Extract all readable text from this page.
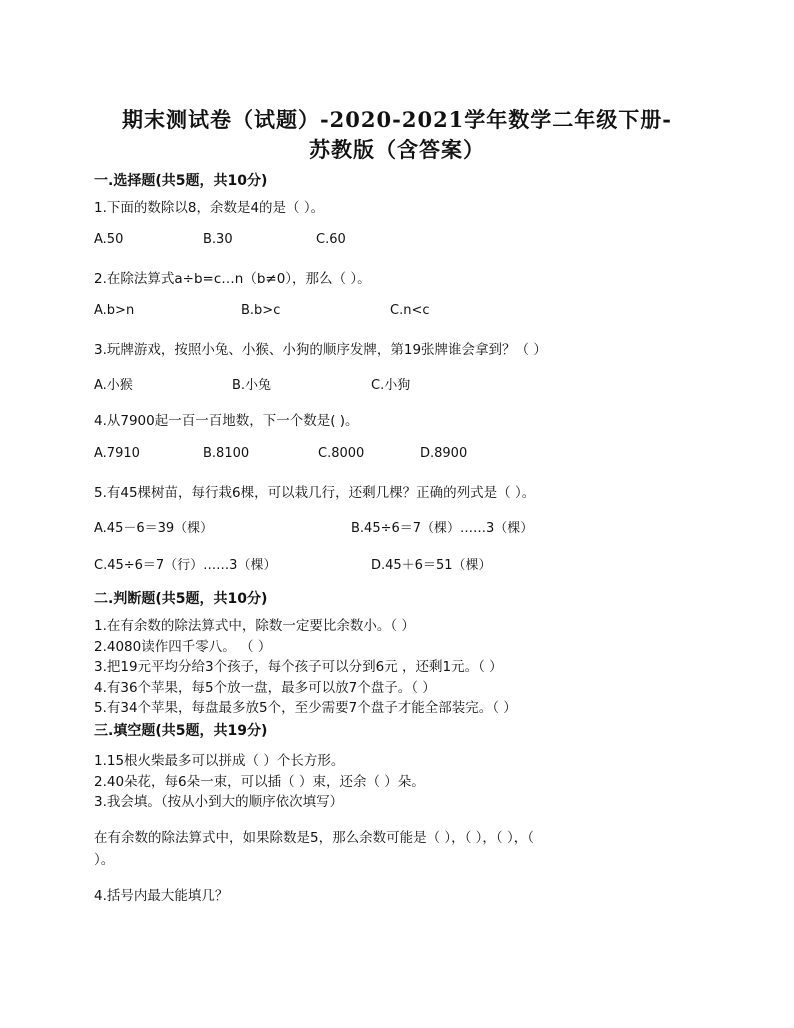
期末测试卷（试题）-2020-2021学年数学二年级下册-
苏教版（含答案）
一.选择题(共5题，共10分)
1.下面的数除以8，余数是4的是（ ）。
A.50	B.30	C.60
2.在除法算式a÷b=c…n（b≠0），那么（ ）。
A.b>n	B.b>c	C.n<c
3.玩牌游戏，按照小兔、小猴、小狗的顺序发牌，第19张牌谁会拿到？（ ）
A.小猴	B.小兔	C.小狗
4.从7900起一百一百地数，下一个数是( )。
A.7910	B.8100	C.8000	D.8900
5.有45棵树苗，每行栽6棵，可以栽几行，还剩几棵？正确的列式是（ ）。
A.45－6＝39（棵）	B.45÷6＝7（棵）……3（棵）
C.45÷6＝7（行）……3（棵）	D.45＋6＝51（棵）
二.判断题(共5题，共10分)
1.在有余数的除法算式中，除数一定要比余数小。（ ）
2.4080读作四千零八。 （ ）
3.把19元平均分给3个孩子，每个孩子可以分到6元 ，还剩1元。（ ）
4.有36个苹果，每5个放一盘，最多可以放7个盘子。（ ）
5.有34个苹果，每盘最多放5个，至少需要7个盘子才能全部装完。（ ）
三.填空题(共5题，共19分)
1.15根火柴最多可以拼成（ ）个长方形。
2.40朵花，每6朵一束，可以插（ ）束，还余（ ）朵。
3.我会填。（按从小到大的顺序依次填写）
在有余数的除法算式中，如果除数是5，那么余数可能是（ ），（ ），（ ），（
）。
4.括号内最大能填几？
